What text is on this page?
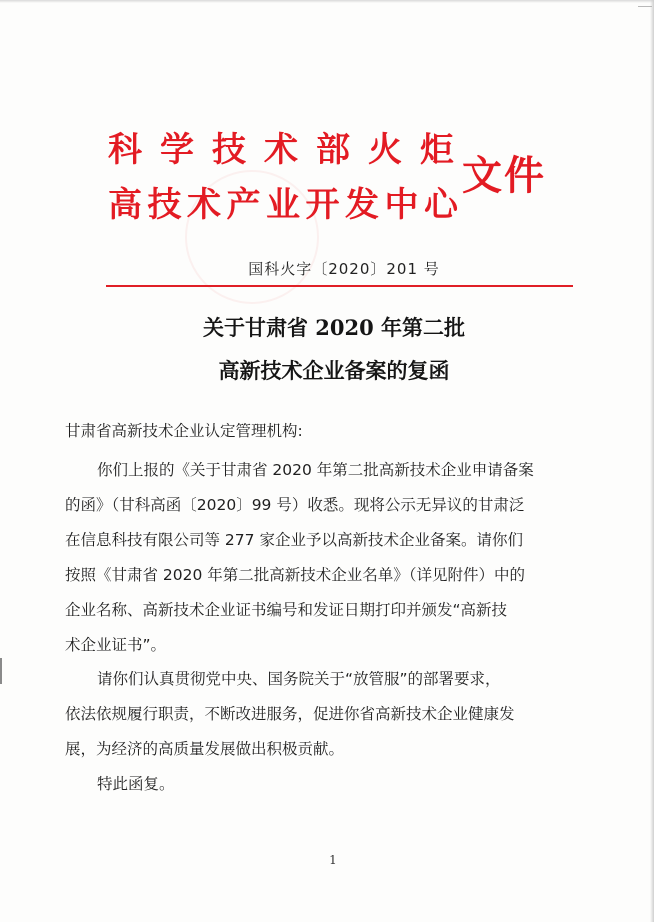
科学技术部火炬
高技术产业开发中心
文件
国科火字〔2020〕201 号
关于甘肃省 2020 年第二批
高新技术企业备案的复函
甘肃省高新技术企业认定管理机构:
你们上报的《关于甘肃省 2020 年第二批高新技术企业申请备案
的函》（甘科高函〔2020〕99 号）收悉。现将公示无异议的甘肃泛
在信息科技有限公司等 277 家企业予以高新技术企业备案。请你们
按照《甘肃省 2020 年第二批高新技术企业名单》（详见附件）中的
企业名称、高新技术企业证书编号和发证日期打印并颁发“高新技
术企业证书”。
请你们认真贯彻党中央、国务院关于“放管服”的部署要求，
依法依规履行职责，不断改进服务，促进你省高新技术企业健康发
展，为经济的高质量发展做出积极贡献。
特此函复。
1
